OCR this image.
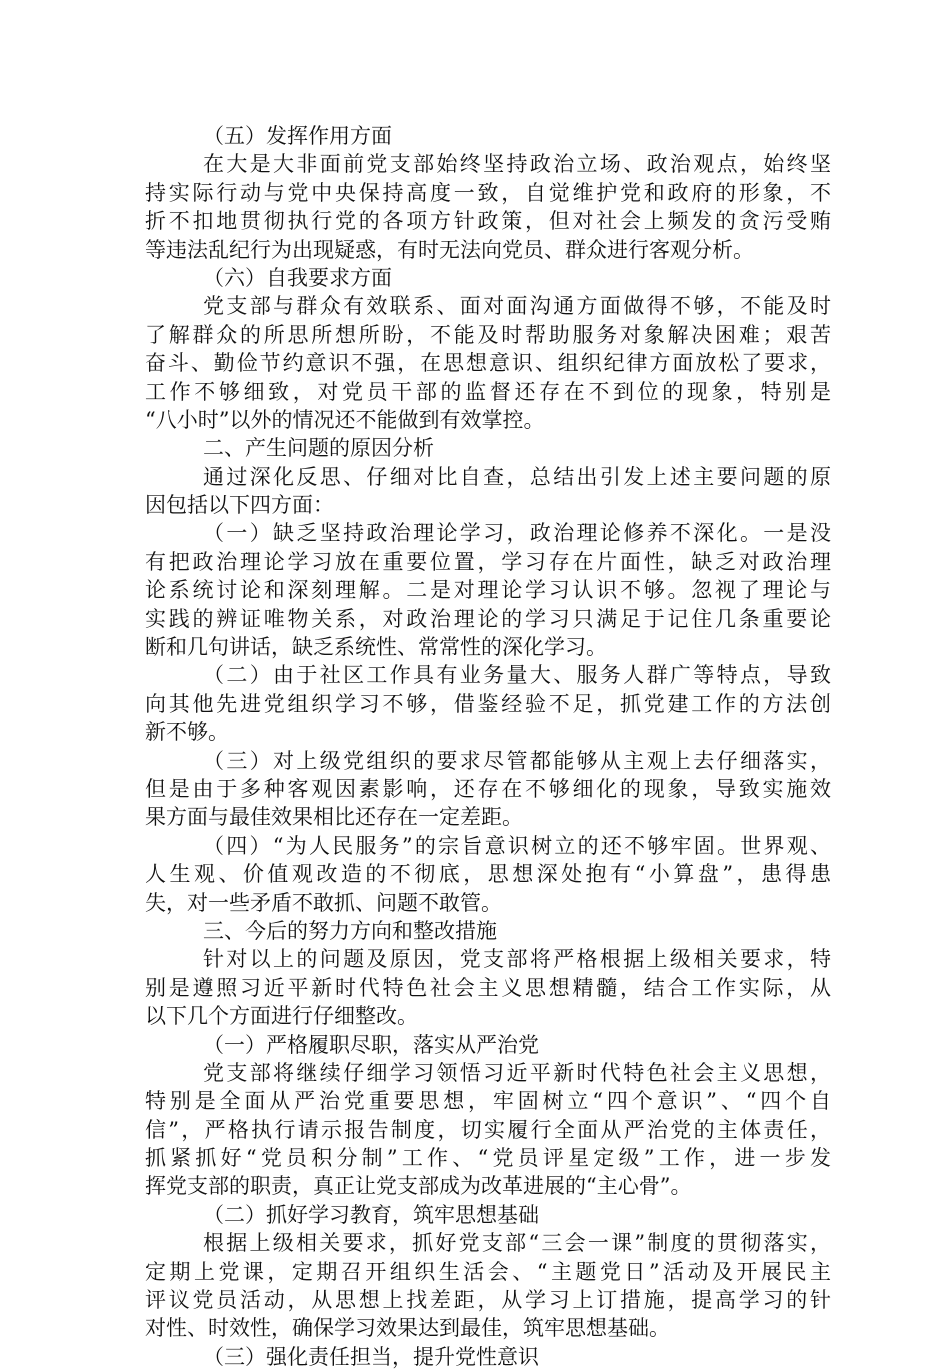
（五）发挥作用方面
在大是大非面前党支部始终坚持政治立场、政治观点，始终坚
持实际行动与党中央保持高度一致，自觉维护党和政府的形象，不
折不扣地贯彻执行党的各项方针政策，但对社会上频发的贪污受贿
等违法乱纪行为出现疑惑，有时无法向党员、群众进行客观分析。
（六）自我要求方面
党支部与群众有效联系、面对面沟通方面做得不够，不能及时
了解群众的所思所想所盼，不能及时帮助服务对象解决困难；艰苦
奋斗、勤俭节约意识不强，在思想意识、组织纪律方面放松了要求，
工作不够细致，对党员干部的监督还存在不到位的现象，特别是
“八小时”以外的情况还不能做到有效掌控。
二、产生问题的原因分析
通过深化反思、仔细对比自查，总结出引发上述主要问题的原
因包括以下四方面：
（一）缺乏坚持政治理论学习，政治理论修养不深化。一是没
有把政治理论学习放在重要位置，学习存在片面性，缺乏对政治理
论系统讨论和深刻理解。二是对理论学习认识不够。忽视了理论与
实践的辨证唯物关系，对政治理论的学习只满足于记住几条重要论
断和几句讲话，缺乏系统性、常常性的深化学习。
（二）由于社区工作具有业务量大、服务人群广等特点，导致
向其他先进党组织学习不够，借鉴经验不足，抓党建工作的方法创
新不够。
（三）对上级党组织的要求尽管都能够从主观上去仔细落实，
但是由于多种客观因素影响，还存在不够细化的现象，导致实施效
果方面与最佳效果相比还存在一定差距。
（四）“为人民服务”的宗旨意识树立的还不够牢固。世界观、
人生观、价值观改造的不彻底，思想深处抱有“小算盘”，患得患
失，对一些矛盾不敢抓、问题不敢管。
三、今后的努力方向和整改措施
针对以上的问题及原因，党支部将严格根据上级相关要求，特
别是遵照习近平新时代特色社会主义思想精髓，结合工作实际，从
以下几个方面进行仔细整改。
（一）严格履职尽职，落实从严治党
党支部将继续仔细学习领悟习近平新时代特色社会主义思想，
特别是全面从严治党重要思想，牢固树立“四个意识”、“四个自
信”，严格执行请示报告制度，切实履行全面从严治党的主体责任，
抓紧抓好“党员积分制”工作、“党员评星定级”工作，进一步发
挥党支部的职责，真正让党支部成为改革进展的“主心骨”。
（二）抓好学习教育，筑牢思想基础
根据上级相关要求，抓好党支部“三会一课”制度的贯彻落实，
定期上党课，定期召开组织生活会、“主题党日”活动及开展民主
评议党员活动，从思想上找差距，从学习上订措施，提高学习的针
对性、时效性，确保学习效果达到最佳，筑牢思想基础。
（三）强化责任担当，提升党性意识
